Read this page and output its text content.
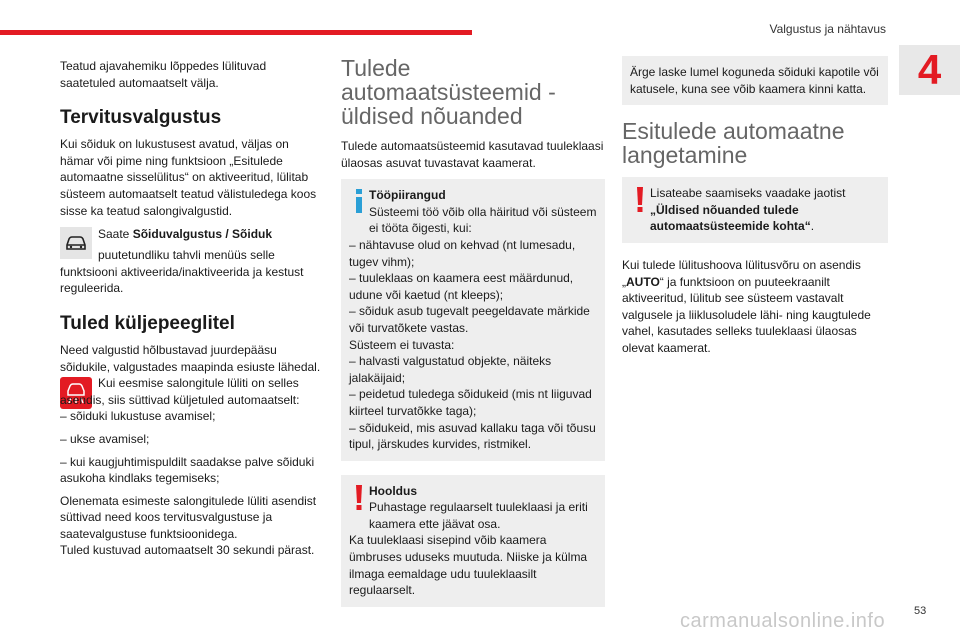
Valgustus ja nähtavus
4

Teatud ajavahemiku lõppedes lülituvad saatetuled automaatselt välja.

Tervitusvalgustus

Kui sõiduk on lukustusest avatud, väljas on hämar või pime ning funktsioon „Esitulede automaatne sisselülitus“ on aktiveeritud, lülitab süsteem automaatselt teatud välistuledega koos sisse ka teatud salongivalgustid.

Saate Sõiduvalgustus / Sõiduk

puutetundliku tahvli menüüs selle funktsiooni aktiveerida/inaktiveerida ja kestust reguleerida.

Tuled küljepeeglitel

Need valgustid hõlbustavad juurdepääsu sõidukile, valgustades maapinda esiuste lähedal.

Kui eesmise salongitule lüliti on selles asendis, siis süttivad küljetuled automaatselt:

– sõiduki lukustuse avamisel;

– ukse avamisel;

– kui kaugjuhtimispuldilt saadakse palve sõiduki asukoha kindlaks tegemiseks;

Olenemata esimeste salongitulede lüliti asendist süttivad need koos tervitusvalgustuse ja saatevalgustuse funktsioonidega.

Tuled kustuvad automaatselt 30 sekundi pärast.

Tulede automaatsüsteemid - üldised nõuanded

Tulede automaatsüsteemid kasutavad tuuleklaasi ülaosas asuvat tuvastavat kaamerat.

Tööpiirangud

Süsteemi töö võib olla häiritud või süsteem ei tööta õigesti, kui:

– nähtavuse olud on kehvad (nt lumesadu, tugev vihm);

– tuuleklaas on kaamera eest määrdunud, udune või kaetud (nt kleeps);

– sõiduk asub tugevalt peegeldavate märkide või turvatõkete vastas.

Süsteem ei tuvasta:

– halvasti valgustatud objekte, näiteks jalakäijaid;

– peidetud tuledega sõidukeid (mis nt liiguvad kiirteel turvatõkke taga);

– sõidukeid, mis asuvad kallaku taga või tõusu tipul, järskudes kurvides, ristmikel.

Hooldus

Puhastage regulaarselt tuuleklaasi ja eriti kaamera ette jäävat osa.

Ka tuuleklaasi sisepind võib kaamera ümbruses uduseks muutuda. Niiske ja külma ilmaga eemaldage udu tuuleklaasilt regulaarselt.

Ärge laske lumel koguneda sõiduki kapotile või katusele, kuna see võib kaamera kinni katta.

Esitulede automaatne langetamine

Lisateabe saamiseks vaadake jaotist „Üldised nõuanded tulede automaatsüsteemide kohta“.

Kui tulede lülitushoova lülitusvõru on asendis „AUTO“ ja funktsioon on puuteekraanilt aktiveeritud, lülitub see süsteem vastavalt valgusele ja liiklusoludele lähi- ning kaugtulede vahel, kasutades selleks tuuleklaasi ülaosas olevat kaamerat.

carmanualsonline.info	53
